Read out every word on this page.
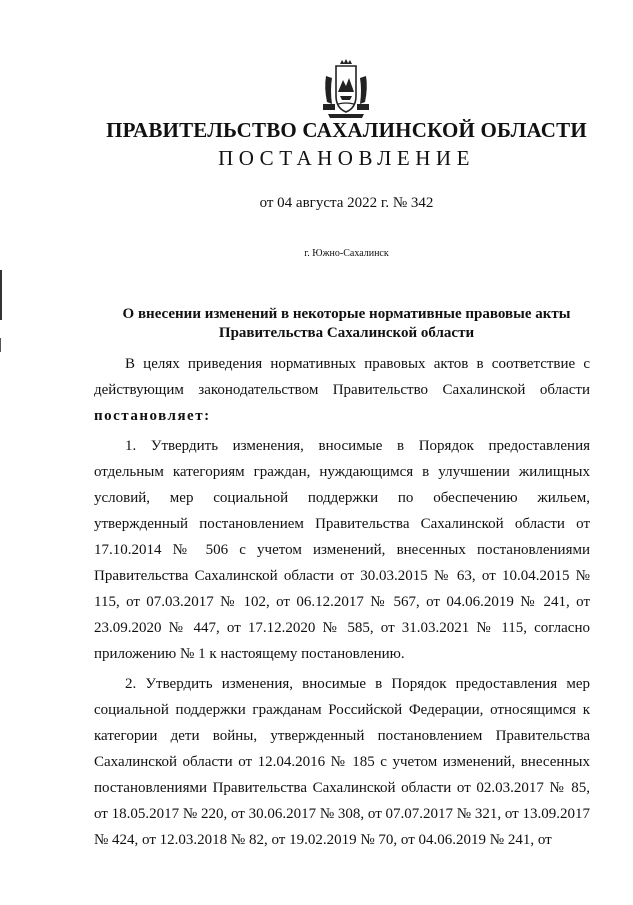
ПРАВИТЕЛЬСТВО САХАЛИНСКОЙ ОБЛАСТИ
ПОСТАНОВЛЕНИЕ
от 04 августа 2022 г. № 342
г. Южно-Сахалинск
О внесении изменений в некоторые нормативные правовые акты
Правительства Сахалинской области

В целях приведения нормативных правовых актов в соответствие с действующим законодательством Правительство Сахалинской области постановляет:

1. Утвердить изменения, вносимые в Порядок предоставления отдельным категориям граждан, нуждающимся в улучшении жилищных условий, мер социальной поддержки по обеспечению жильем, утвержденный постановлением Правительства Сахалинской области от 17.10.2014 № 506 с учетом изменений, внесенных постановлениями Правительства Сахалинской области от 30.03.2015 № 63, от 10.04.2015 № 115, от 07.03.2017 № 102, от 06.12.2017 № 567, от 04.06.2019 № 241, от 23.09.2020 № 447, от 17.12.2020 № 585, от 31.03.2021 № 115, согласно приложению № 1 к настоящему постановлению.

2. Утвердить изменения, вносимые в Порядок предоставления мер социальной поддержки гражданам Российской Федерации, относящимся к категории дети войны, утвержденный постановлением Правительства Сахалинской области от 12.04.2016 № 185 с учетом изменений, внесенных постановлениями Правительства Сахалинской области от 02.03.2017 № 85, от 18.05.2017 № 220, от 30.06.2017 № 308, от 07.07.2017 № 321, от 13.09.2017 № 424, от 12.03.2018 № 82, от 19.02.2019 № 70, от 04.06.2019 № 241, от
